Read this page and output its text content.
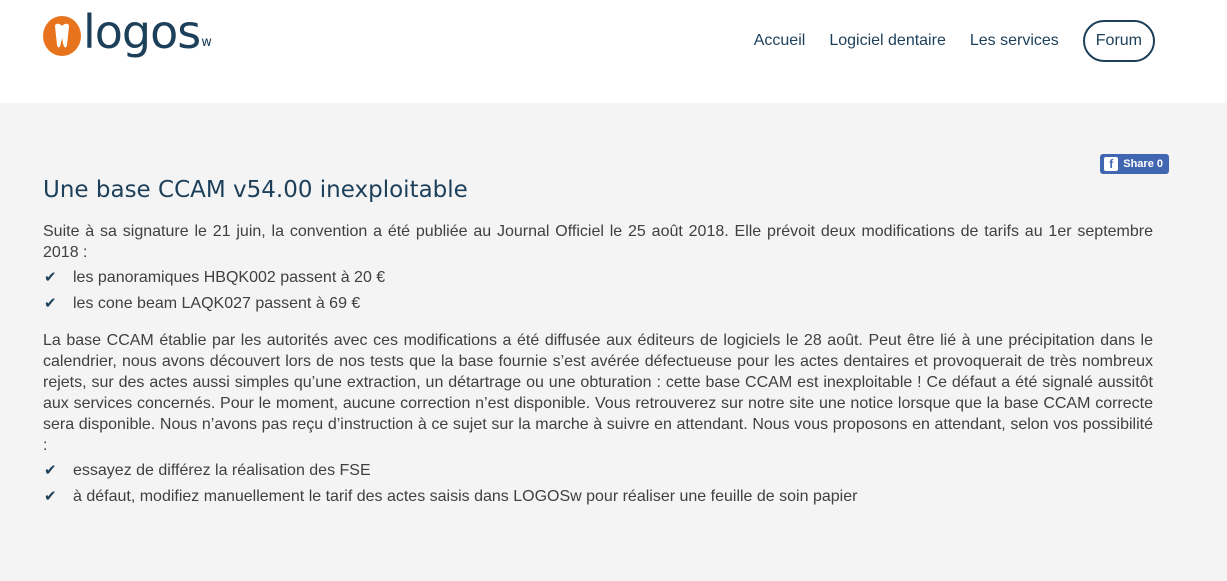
logos w	Accueil Logiciel dentaire Les services	Forum
f Share 0
Une base CCAM v54.00 inexploitable

Suite à sa signature le 21 juin, la convention a été publiée au Journal Officiel le 25 août 2018. Elle prévoit deux modifications de tarifs au 1er septembre 2018 :

✔ les panoramiques HBQK002 passent à 20 €
✔ les cone beam LAQK027 passent à 69 €

La base CCAM établie par les autorités avec ces modifications a été diffusée aux éditeurs de logiciels le 28 août. Peut être lié à une précipitation dans le calendrier, nous avons découvert lors de nos tests que la base fournie s’est avérée défectueuse pour les actes dentaires et provoquerait de très nombreux rejets, sur des actes aussi simples qu’une extraction, un détartrage ou une obturation : cette base CCAM est inexploitable ! Ce défaut a été signalé aussitôt aux services concernés. Pour le moment, aucune correction n’est disponible. Vous retrouverez sur notre site une notice lorsque que la base CCAM correcte sera disponible. Nous n’avons pas reçu d’instruction à ce sujet sur la marche à suivre en attendant. Nous vous proposons en attendant, selon vos possibilité :

✔ essayez de différez la réalisation des FSE
✔ à défaut, modifiez manuellement le tarif des actes saisis dans LOGOSw pour réaliser une feuille de soin papier
